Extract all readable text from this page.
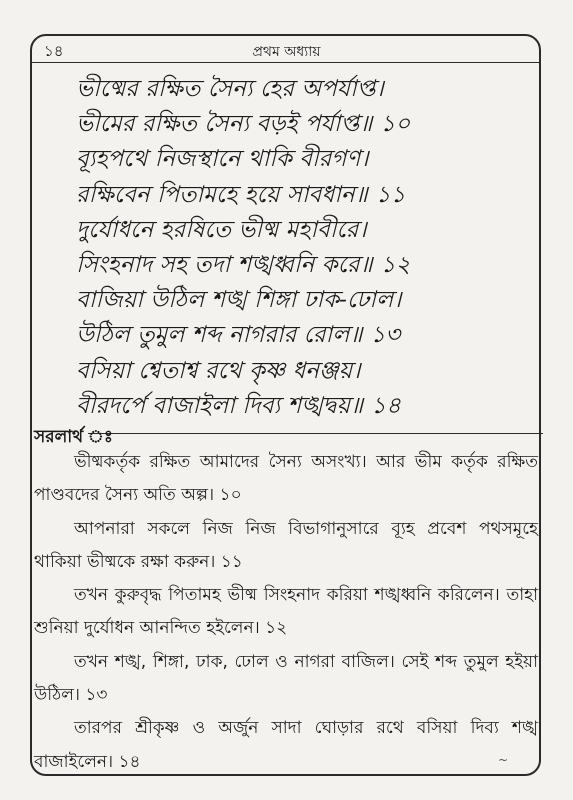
১৪	প্রথম অধ্যায়
ভীষ্মের রক্ষিত সৈন্য হের অপর্যাপ্ত।
ভীমের রক্ষিত সৈন্য বড়ই পর্যাপ্ত॥ ১০
ব্যূহপথে নিজস্থানে থাকি বীরগণ।
রক্ষিবেন পিতামহে হয়ে সাবধান॥ ১১
দুর্যোধনে হরষিতে ভীষ্ম মহাবীরে।
সিংহনাদ সহ তদা শঙ্খধ্বনি করে॥ ১২
বাজিয়া উঠিল শঙ্খ শিঙ্গা ঢাক-ঢোল।
উঠিল তুমুল শব্দ নাগরার রোল॥ ১৩
বসিয়া শ্বেতাশ্ব রথে কৃষ্ণ ধনঞ্জয়।
বীরদর্পে বাজাইলা দিব্য শঙ্খদ্বয়॥ ১৪
সরলার্থ ঃ

ভীষ্মকর্তৃক রক্ষিত আমাদের সৈন্য অসংখ্য। আর ভীম কর্তৃক রক্ষিত পাণ্ডবদের সৈন্য অতি অল্প। ১০

আপনারা সকলে নিজ নিজ বিভাগানুসারে ব্যূহ প্রবেশ পথসমূহে থাকিয়া ভীষ্মকে রক্ষা করুন। ১১

তখন কুরুবৃদ্ধ পিতামহ ভীষ্ম সিংহনাদ করিয়া শঙ্খধ্বনি করিলেন। তাহা শুনিয়া দুর্যোধন আনন্দিত হইলেন। ১২

তখন শঙ্খ, শিঙ্গা, ঢাক, ঢোল ও নাগরা বাজিল। সেই শব্দ তুমুল হইয়া উঠিল। ১৩

তারপর শ্রীকৃষ্ণ ও অর্জুন সাদা ঘোড়ার রথে বসিয়া দিব্য শঙ্খ বাজাইলেন। ১৪	~
